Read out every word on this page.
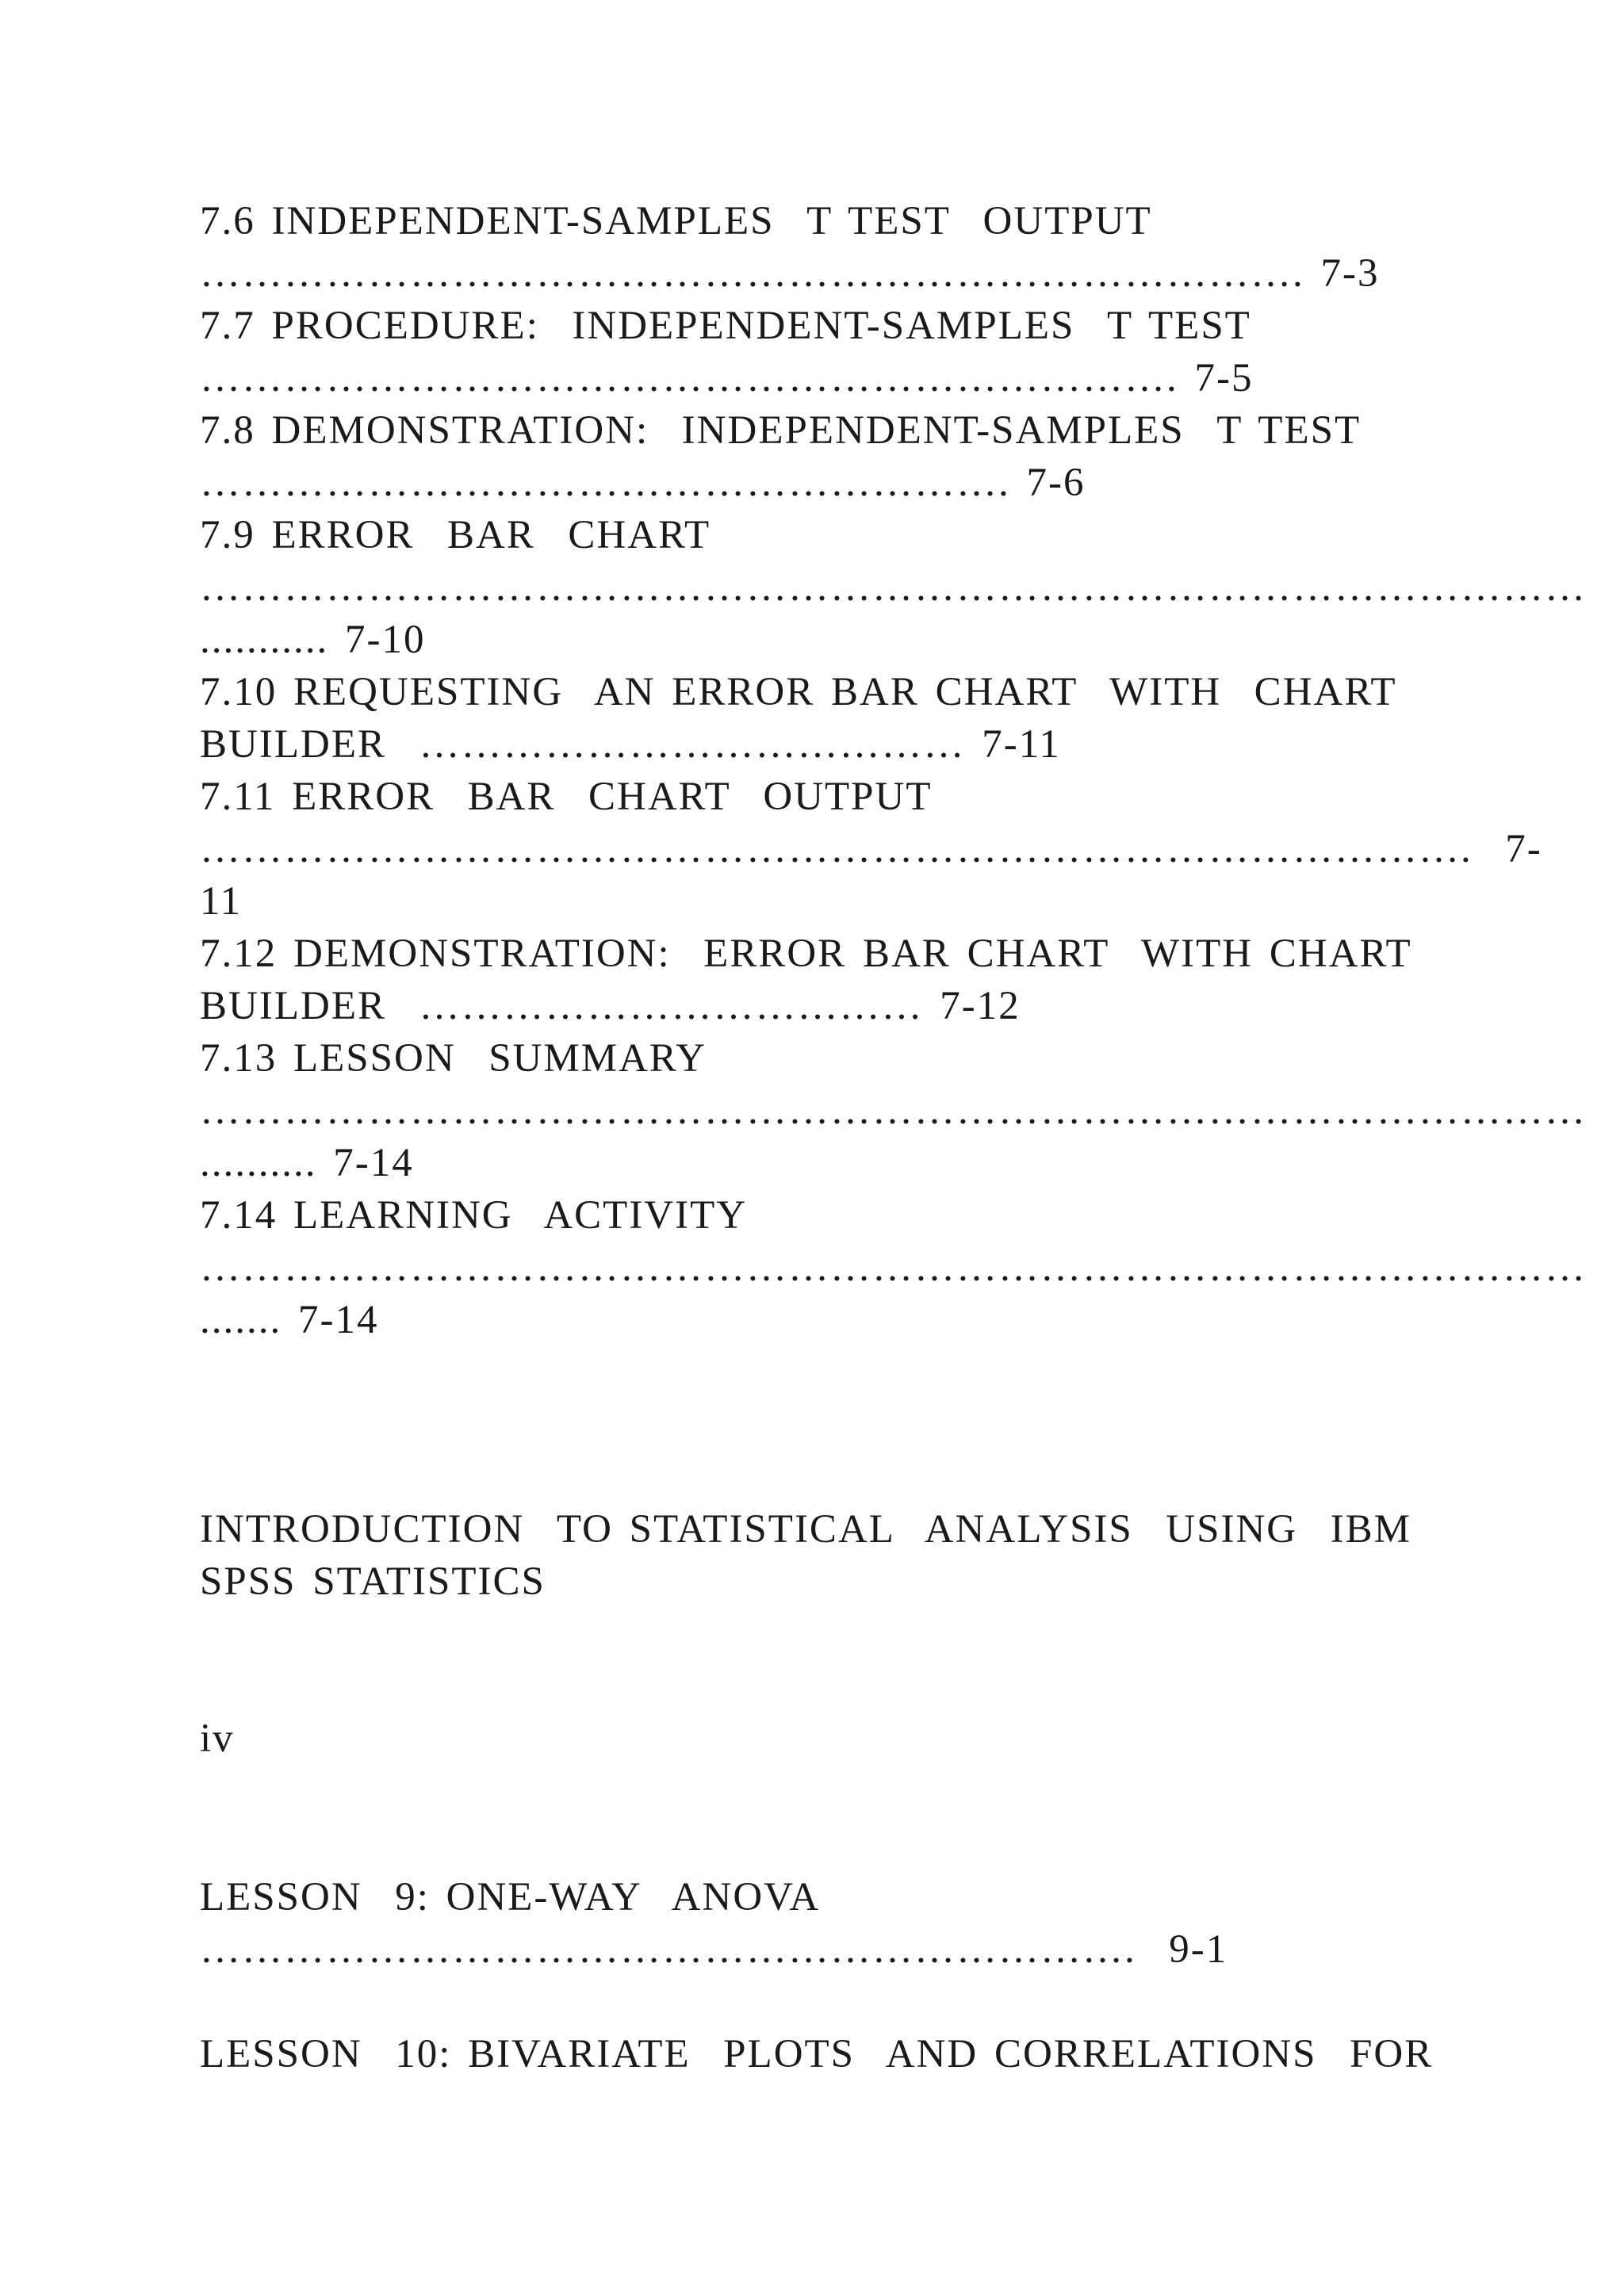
7.6 INDEPENDENT-SAMPLES  T TEST  OUTPUT
……………………………………………………………………. 7-3
7.7 PROCEDURE:  INDEPENDENT-SAMPLES  T TEST
……………………………………………………………. 7-5
7.8 DEMONSTRATION:  INDEPENDENT-SAMPLES  T TEST
…………………………………………………. 7-6
7.9 ERROR  BAR  CHART
………………………………………………………………………………………
........... 7-10
7.10 REQUESTING  AN ERROR BAR CHART  WITH  CHART
BUILDER  ………………………………… 7-11
7.11 ERROR  BAR  CHART  OUTPUT
……………………………………………………………………………….  7-
11
7.12 DEMONSTRATION:  ERROR BAR CHART  WITH CHART
BUILDER  ……………………………… 7-12
7.13 LESSON  SUMMARY
………………………………………………………………………………………
.......... 7-14
7.14 LEARNING  ACTIVITY
………………………………………………………………………………………
....... 7-14
INTRODUCTION  TO STATISTICAL  ANALYSIS  USING  IBM
SPSS STATISTICS
iv
LESSON  9: ONE-WAY  ANOVA
………………………………………………………….  9-1
LESSON  10: BIVARIATE  PLOTS  AND CORRELATIONS  FOR
